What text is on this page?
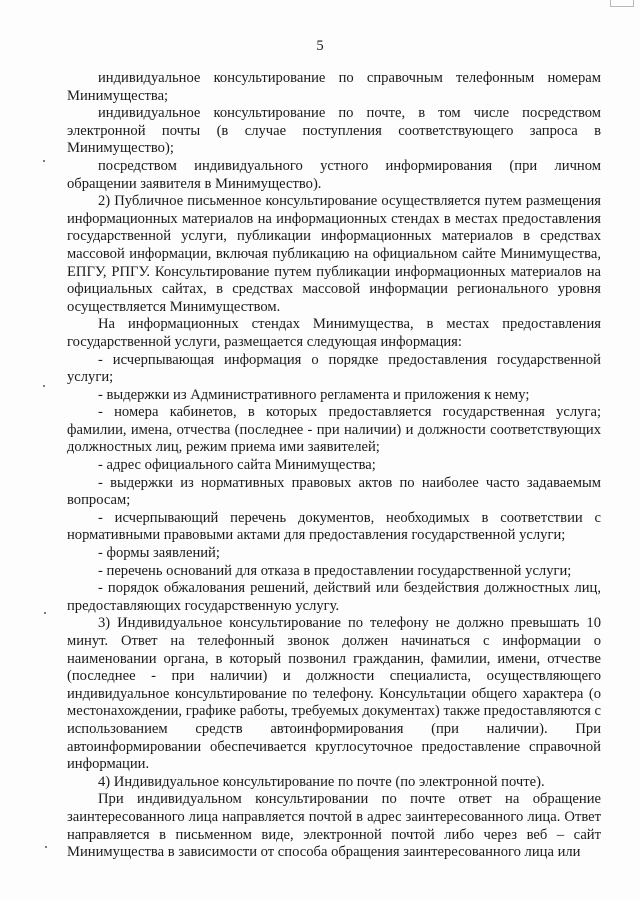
5

индивидуальное консультирование по справочным телефонным номерам Минимущества;

индивидуальное консультирование по почте, в том числе посредством электронной почты (в случае поступления соответствующего запроса в Минимущество);

посредством индивидуального устного информирования (при личном обращении заявителя в Минимущество).

2) Публичное письменное консультирование осуществляется путем размещения информационных материалов на информационных стендах в местах предоставления государственной услуги, публикации информационных материалов в средствах массовой информации, включая публикацию на официальном сайте Минимущества, ЕПГУ, РПГУ. Консультирование путем публикации информационных материалов на официальных сайтах, в средствах массовой информации регионального уровня осуществляется Минимуществом.

На информационных стендах Минимущества, в местах предоставления государственной услуги, размещается следующая информация:

- исчерпывающая информация о порядке предоставления государственной услуги;

- выдержки из Административного регламента и приложения к нему;

- номера кабинетов, в которых предоставляется государственная услуга; фамилии, имена, отчества (последнее - при наличии) и должности соответствующих должностных лиц, режим приема ими заявителей;

- адрес официального сайта Минимущества;

- выдержки из нормативных правовых актов по наиболее часто задаваемым вопросам;

- исчерпывающий перечень документов, необходимых в соответствии с нормативными правовыми актами для предоставления государственной услуги;

- формы заявлений;

- перечень оснований для отказа в предоставлении государственной услуги;

- порядок обжалования решений, действий или бездействия должностных лиц, предоставляющих государственную услугу.

3) Индивидуальное консультирование по телефону не должно превышать 10 минут. Ответ на телефонный звонок должен начинаться с информации о наименовании органа, в который позвонил гражданин, фамилии, имени, отчестве (последнее - при наличии) и должности специалиста, осуществляющего индивидуальное консультирование по телефону. Консультации общего характера (о местонахождении, графике работы, требуемых документах) также предоставляются с использованием средств автоинформирования (при наличии). При автоинформировании обеспечивается круглосуточное предоставление справочной информации.

4) Индивидуальное консультирование по почте (по электронной почте).

При индивидуальном консультировании по почте ответ на обращение заинтересованного лица направляется почтой в адрес заинтересованного лица. Ответ направляется в письменном виде, электронной почтой либо через веб – сайт Минимущества в зависимости от способа обращения заинтересованного лица или
